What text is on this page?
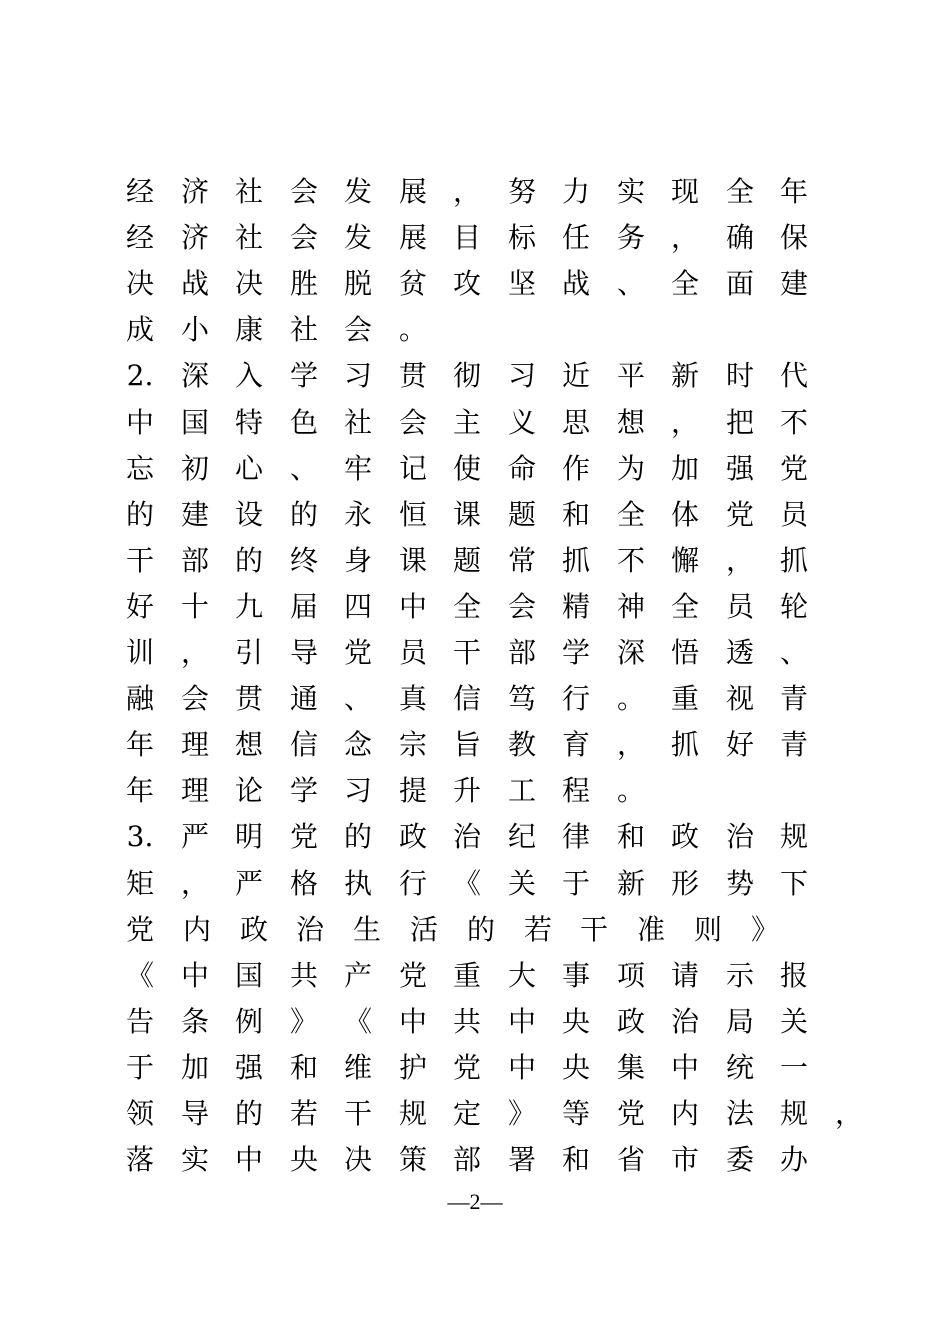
经 济 社 会 发 展 ， 努 力 实 现 全 年
经 济 社 会 发 展 目 标 任 务 ， 确 保
决 战 决 胜 脱 贫 攻 坚 战 、 全 面 建
成 小 康 社 会 。
2. 深 入 学 习 贯 彻 习 近 平 新 时 代
中 国 特 色 社 会 主 义 思 想 ， 把 不
忘 初 心 、 牢 记 使 命 作 为 加 强 党
的 建 设 的 永 恒 课 题 和 全 体 党 员
干 部 的 终 身 课 题 常 抓 不 懈 ， 抓
好 十 九 届 四 中 全 会 精 神 全 员 轮
训 ， 引 导 党 员 干 部 学 深 悟 透 、
融 会 贯 通 、 真 信 笃 行 。 重 视 青
年 理 想 信 念 宗 旨 教 育 ， 抓 好 青
年 理 论 学 习 提 升 工 程 。
3. 严 明 党 的 政 治 纪 律 和 政 治 规
矩 ， 严 格 执 行 《 关 于 新 形 势 下
党 内 政 治 生 活 的 若 干 准 则 》
《 中 国 共 产 党 重 大 事 项 请 示 报
告 条 例 》 《 中 共 中 央 政 治 局 关
于 加 强 和 维 护 党 中 央 集 中 统 一
领 导 的 若 干 规 定 》 等 党 内 法 规 ，
落 实 中 央 决 策 部 署 和 省 市 委 办
—2—
